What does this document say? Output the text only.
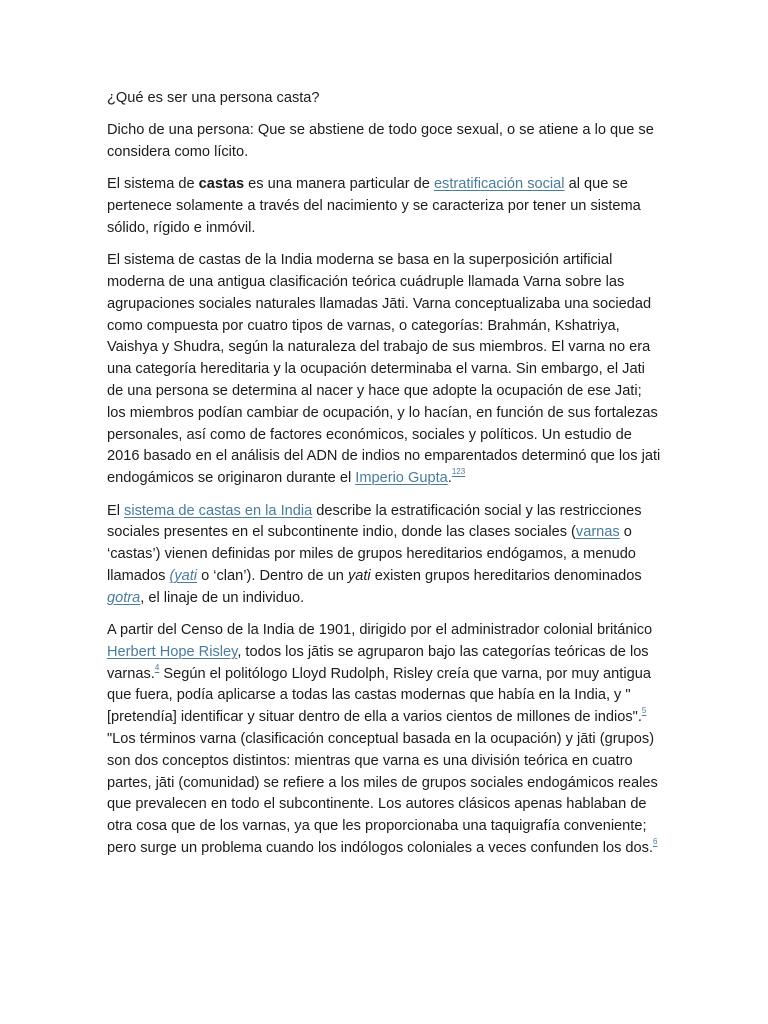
¿Qué es ser una persona casta?

Dicho de una persona: Que se abstiene de todo goce sexual, o se atiene a lo que se considera como lícito.

El sistema de castas es una manera particular de estratificación social al que se pertenece solamente a través del nacimiento y se caracteriza por tener un sistema sólido, rígido e inmóvil.

El sistema de castas de la India moderna se basa en la superposición artificial moderna de una antigua clasificación teórica cuádruple llamada Varna sobre las agrupaciones sociales naturales llamadas Jāti. Varna conceptualizaba una sociedad como compuesta por cuatro tipos de varnas, o categorías: Brahmán, Kshatriya, Vaishya y Shudra, según la naturaleza del trabajo de sus miembros. El varna no era una categoría hereditaria y la ocupación determinaba el varna. Sin embargo, el Jati de una persona se determina al nacer y hace que adopte la ocupación de ese Jati; los miembros podían cambiar de ocupación, y lo hacían, en función de sus fortalezas personales, así como de factores económicos, sociales y políticos. Un estudio de 2016 basado en el análisis del ADN de indios no emparentados determinó que los jati endogámicos se originaron durante el Imperio Gupta.$^{123}$

El sistema de castas en la India describe la estratificación social y las restricciones sociales presentes en el subcontinente indio, donde las clases sociales (varnas o ‘castas’) vienen definidas por miles de grupos hereditarios endógamos, a menudo llamados (yati o ‘clan’). Dentro de un yati existen grupos hereditarios denominados gotra, el linaje de un individuo.

A partir del Censo de la India de 1901, dirigido por el administrador colonial británico Herbert Hope Risley, todos los jātis se agruparon bajo las categorías teóricas de los varnas.$^4$ Según el politólogo Lloyd Rudolph, Risley creía que varna, por muy antigua que fuera, podía aplicarse a todas las castas modernas que había en la India, y "[pretendía] identificar y situar dentro de ella a varios cientos de millones de indios".$^5$ "Los términos varna (clasificación conceptual basada en la ocupación) y jāti (grupos) son dos conceptos distintos: mientras que varna es una división teórica en cuatro partes, jāti (comunidad) se refiere a los miles de grupos sociales endogámicos reales que prevalecen en todo el subcontinente. Los autores clásicos apenas hablaban de otra cosa que de los varnas, ya que les proporcionaba una taquigrafía conveniente; pero surge un problema cuando los indólogos coloniales a veces confunden los dos.$^6$
